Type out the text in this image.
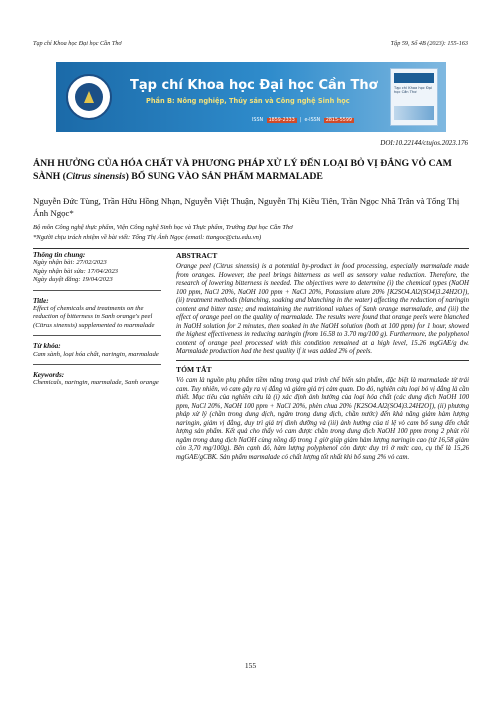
Tạp chí Khoa học Đại học Cần Thơ	Tập 59, Số 4B (2023): 155-163
Tạp chí Khoa học Đại học Cần Thơ
Phần B: Nông nghiệp, Thủy sản và Công nghệ Sinh học
ISSN 1859-2333  |  e-ISSN 2815-5599
Tạp chí Khoa học Đại học Cần Thơ
DOI:10.22144/ctujos.2023.176
ẢNH HƯỞNG CỦA HÓA CHẤT VÀ PHƯƠNG PHÁP XỬ LÝ ĐẾN LOẠI BỎ VỊ ĐẮNG VỎ CAM SÀNH (Citrus sinensis) BỔ SUNG VÀO SẢN PHẨM MARMALADE
Nguyễn Đức Tùng, Trần Hữu Hồng Nhạn, Nguyễn Việt Thuận, Nguyễn Thị Kiều Tiên, Trần Ngọc Nhã Trân và Tống Thị Ánh Ngọc*
Bộ môn Công nghệ thực phẩm, Viện Công nghệ Sinh học và Thực phẩm, Trường Đại học Cần Thơ
*Người chịu trách nhiệm về bài viết: Tống Thị Ánh Ngọc (email: ttangoc@ctu.edu.vn)
Thông tin chung:
Ngày nhận bài: 27/02/2023
Ngày nhận bài sửa: 17/04/2023
Ngày duyệt đăng: 19/04/2023
Title:
Effect of chemicals and treatments on the reduction of bitterness in Sanh orange's peel (Citrus sinensis) supplemented to marmalade
Từ khóa:
Cam sành, loại hóa chất, naringin, marmalade
Keywords:
Chemicals, naringin, marmalade, Sanh orange
ABSTRACT
Orange peel (Citrus sinensis) is a potential by-product in food processing, especially marmalade made from oranges. However, the peel brings bitterness as well as sensory value reduction. Therefore, the research of lowering bitterness is needed. The objectives were to determine (i) the chemical types (NaOH 100 ppm, NaCl 20%, NaOH 100 ppm + NaCl 20%, Potassium alum 20% [K2SO4.Al2(SO4)3.24H2O]), (ii) treatment methods (blanching, soaking and blanching in the water) affecting the reduction of naringin content and bitter taste; and maintaining the nutritional values of Sanh orange marmalade, and (iii) the effect of orange peel on the quality of marmalade. The results were found that orange peels were blanched in NaOH solution for 2 minutes, then soaked in the NaOH solution (both at 100 ppm) for 1 hour, showed the highest effectiveness in reducing naringin (from 16.58 to 3.70 mg/100 g). Furthermore, the polyphenol content of orange peel processed with this condition remained at a high level, 15.26 mgGAE/g dw. Marmalade production had the best quality if it was added 2% of peels.
TÓM TẮT
Vỏ cam là nguồn phụ phẩm tiềm năng trong quá trình chế biến sản phẩm, đặc biệt là marmalade từ trái cam. Tuy nhiên, vỏ cam gây ra vị đắng và giảm giá trị cảm quan. Do đó, nghiên cứu loại bỏ vị đắng là cần thiết. Mục tiêu của nghiên cứu là (i) xác định ảnh hưởng của loại hóa chất (các dung dịch NaOH 100 ppm, NaCl 20%, NaOH 100 ppm + NaCl 20%, phèn chua 20% [K2SO4.Al2(SO4)3.24H2O]), (ii) phương pháp xử lý (chần trong dung dịch, ngâm trong dung dịch, chần nước) đến khả năng giảm hàm lượng naringin, giảm vị đắng, duy trì giá trị dinh dưỡng và (iii) ảnh hưởng của tỉ lệ vỏ cam bổ sung đến chất lượng sản phẩm. Kết quả cho thấy vỏ cam được chần trong dung dịch NaOH 100 ppm trong 2 phút rồi ngâm trong dung dịch NaOH cùng nồng độ trong 1 giờ giúp giảm hàm lượng naringin cao (từ 16,58 giảm còn 3,70 mg/100g). Bên cạnh đó, hàm lượng polyphenol còn được duy trì ở mức cao, cụ thể là 15,26 mgGAE/gCBK. Sản phẩm marmalade có chất lượng tốt nhất khi bổ sung 2% vỏ cam.
155
